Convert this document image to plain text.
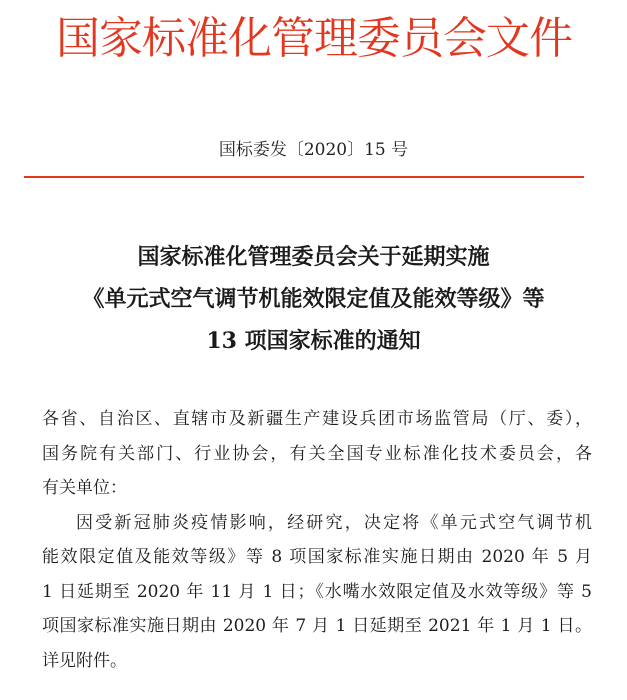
国家标准化管理委员会文件
国标委发〔2020〕15 号
国家标准化管理委员会关于延期实施
《单元式空气调节机能效限定值及能效等级》等
13 项国家标准的通知
各省、自治区、直辖市及新疆生产建设兵团市场监管局（厅、委），
国务院有关部门、行业协会，有关全国专业标准化技术委员会，各
有关单位：
因受新冠肺炎疫情影响，经研究，决定将《单元式空气调节机
能效限定值及能效等级》等 8 项国家标准实施日期由 2020 年 5 月
1 日延期至 2020 年 11 月 1 日；《水嘴水效限定值及水效等级》等 5
项国家标准实施日期由 2020 年 7 月 1 日延期至 2021 年 1 月 1 日。
详见附件。
